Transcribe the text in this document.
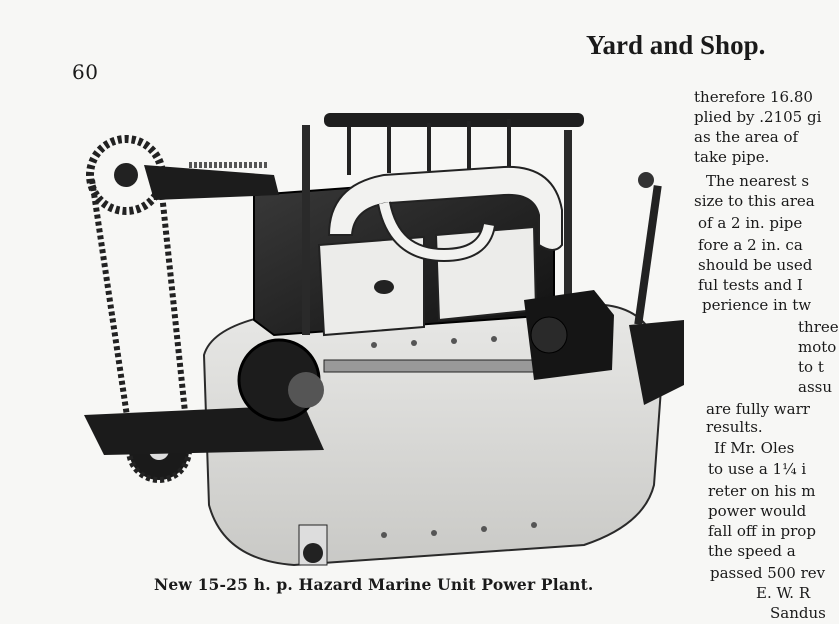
60
Yard and Shop.
New 15-25 h. p. Hazard Marine Unit Power Plant.
therefore 16.80
plied by .2105 gi
as the area of
take pipe.
The nearest s
size to this area
of a 2 in. pipe
fore a 2 in. ca
should be used
ful tests and I
perience in tw
three
moto
to t
assu
are fully warr
results.
If Mr. Oles
to use a 1¼ i
reter on his m
power would
fall off in prop
the speed a
passed 500 rev
E. W. R
Sandus
